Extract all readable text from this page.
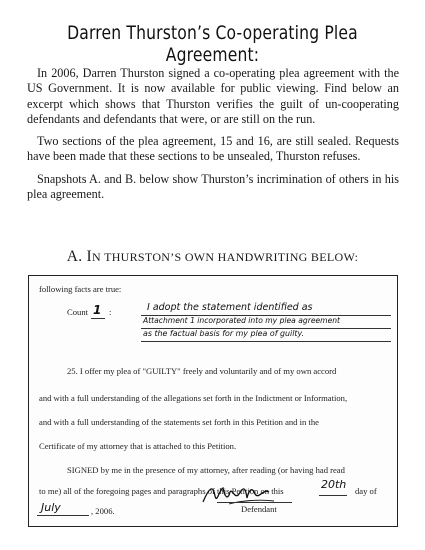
Darren Thurston’s Co-operating Plea Agreement:

In 2006, Darren Thurston signed a co-operating plea agreement with the US Government. It is now available for public viewing. Find below an excerpt which shows that Thurston verifies the guilt of un-cooperating defendants and defendants that were, or are still on the run.

Two sections of the plea agreement, 15 and 16, are still sealed. Requests have been made that these sections to be unsealed, Thurston refuses.

Snapshots A. and B. below show Thurston’s incrimination of others in his plea agreement.

A. IN THURSTON’S OWN HANDWRITING BELOW:
following facts are true:
Count 1 :	I adopt the statement identified as
Attachment 1 incorporated into my plea agreement
as the factual basis for my plea of guilty.
25. I offer my plea of "GUILTY" freely and voluntarily and of my own accord
and with a full understanding of the allegations set forth in the Indictment or Information,
and with a full understanding of the statements set forth in this Petition and in the
Certificate of my attorney that is attached to this Petition.
SIGNED by me in the presence of my attorney, after reading (or having had read
to me) all of the foregoing pages and paragraphs of this Petition on this	20th day of
July	, 2006.	Defendant
